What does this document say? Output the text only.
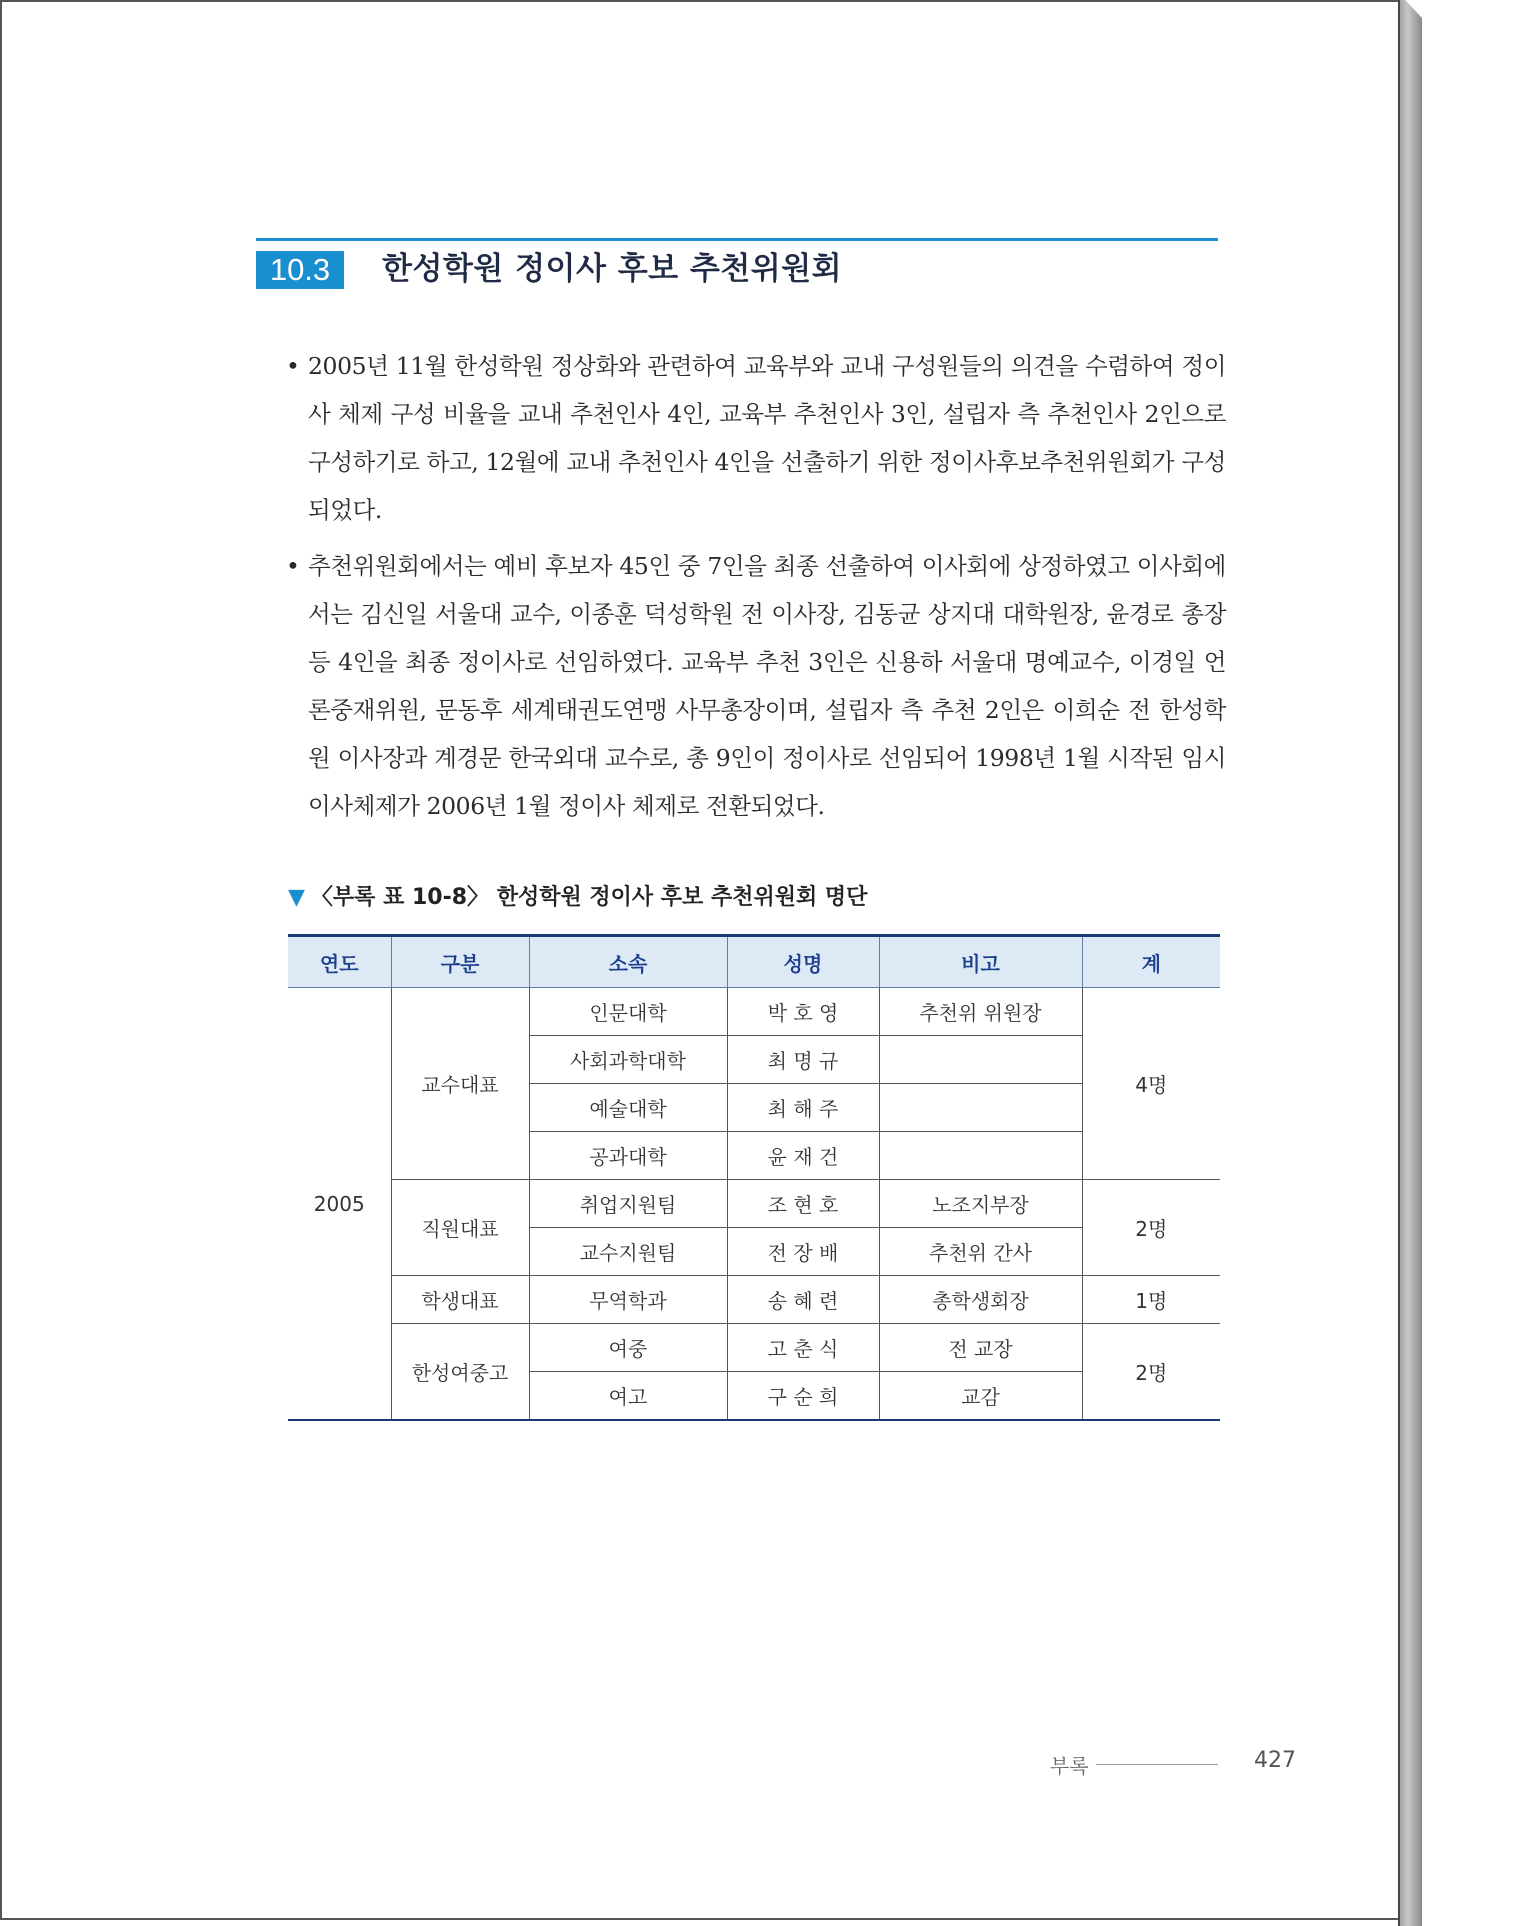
10.3	한성학원 정이사 후보 추천위원회
• 2005년 11월 한성학원 정상화와 관련하여 교육부와 교내 구성원들의 의견을 수렴하여 정이사 체제 구성 비율을 교내 추천인사 4인, 교육부 추천인사 3인, 설립자 측 추천인사 2인으로 구성하기로 하고, 12월에 교내 추천인사 4인을 선출하기 위한 정이사후보추천위원회가 구성되었다.
• 추천위원회에서는 예비 후보자 45인 중 7인을 최종 선출하여 이사회에 상정하였고 이사회에서는 김신일 서울대 교수, 이종훈 덕성학원 전 이사장, 김동균 상지대 대학원장, 윤경로 총장 등 4인을 최종 정이사로 선임하였다. 교육부 추천 3인은 신용하 서울대 명예교수, 이경일 언론중재위원, 문동후 세계태권도연맹 사무총장이며, 설립자 측 추천 2인은 이희순 전 한성학원 이사장과 계경문 한국외대 교수로, 총 9인이 정이사로 선임되어 1998년 1월 시작된 임시이사체제가 2006년 1월 정이사 체제로 전환되었다.
▼ 〈부록 표 10-8〉 한성학원 정이사 후보 추천위원회 명단
연도	구분	소속	성명	비고	계
2005	교수대표	인문대학	박 호 영	추천위 위원장	4명
		사회과학대학	최 명 규		
		예술대학	최 해 주		
		공과대학	윤 재 건		
	직원대표	취업지원팀	조 현 호	노조지부장	2명
		교수지원팀	전 장 배	추천위 간사	
	학생대표	무역학과	송 혜 련	총학생회장	1명
	한성여중고	여중	고 춘 식	전 교장	2명
		여고	구 순 희	교감	
부록	427
